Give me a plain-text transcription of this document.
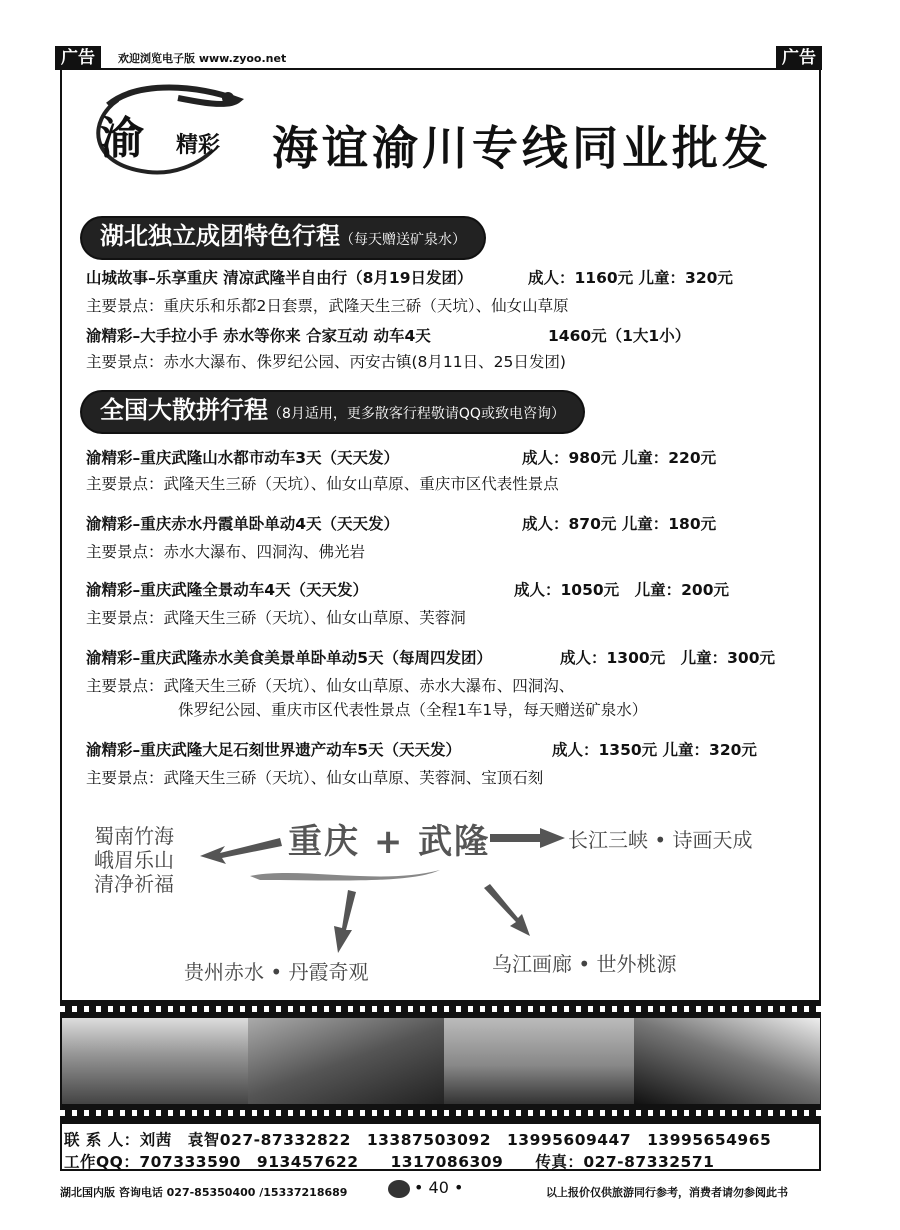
广告	欢迎浏览电子版 www.zyoo.net	广告
渝 精彩 海谊渝川专线同业批发
湖北独立成团特色行程（每天赠送矿泉水）
山城故事–乐享重庆 清凉武隆半自由行（8月19日发团）	成人：1160元 儿童：320元
主要景点：重庆乐和乐都2日套票，武隆天生三硚（天坑）、仙女山草原
渝精彩–大手拉小手 赤水等你来 合家互动 动车4天	1460元（1大1小）
主要景点：赤水大瀑布、侏罗纪公园、丙安古镇(8月11日、25日发团)
全国大散拼行程（8月适用，更多散客行程敬请QQ或致电咨询）
渝精彩–重庆武隆山水都市动车3天（天天发）	成人：980元 儿童：220元
主要景点：武隆天生三硚（天坑）、仙女山草原、重庆市区代表性景点
渝精彩–重庆赤水丹霞单卧单动4天（天天发）	成人：870元 儿童：180元
主要景点：赤水大瀑布、四洞沟、佛光岩
渝精彩–重庆武隆全景动车4天（天天发）	成人：1050元　儿童：200元
主要景点：武隆天生三硚（天坑）、仙女山草原、芙蓉洞
渝精彩–重庆武隆赤水美食美景单卧单动5天（每周四发团）	成人：1300元　儿童：300元
主要景点：武隆天生三硚（天坑）、仙女山草原、赤水大瀑布、四洞沟、
侏罗纪公园、重庆市区代表性景点（全程1车1导，每天赠送矿泉水）
渝精彩–重庆武隆大足石刻世界遗产动车5天（天天发）	成人：1350元 儿童：320元
主要景点：武隆天生三硚（天坑）、仙女山草原、芙蓉洞、宝顶石刻
重庆 + 武隆
蜀南竹海
峨眉乐山
清净祈福
长江三峡 • 诗画天成
贵州赤水 • 丹霞奇观	乌江画廊 • 世外桃源
联 系 人：刘茜　袁智027-87332822　13387503092　13995609447　13995654965
工作QQ：707333590　913457622　　1317086309　　传真：027-87332571
湖北国内版 咨询电话 027-85350400 /15337218689	• 40 •	以上报价仅供旅游同行参考，消费者请勿参阅此书
